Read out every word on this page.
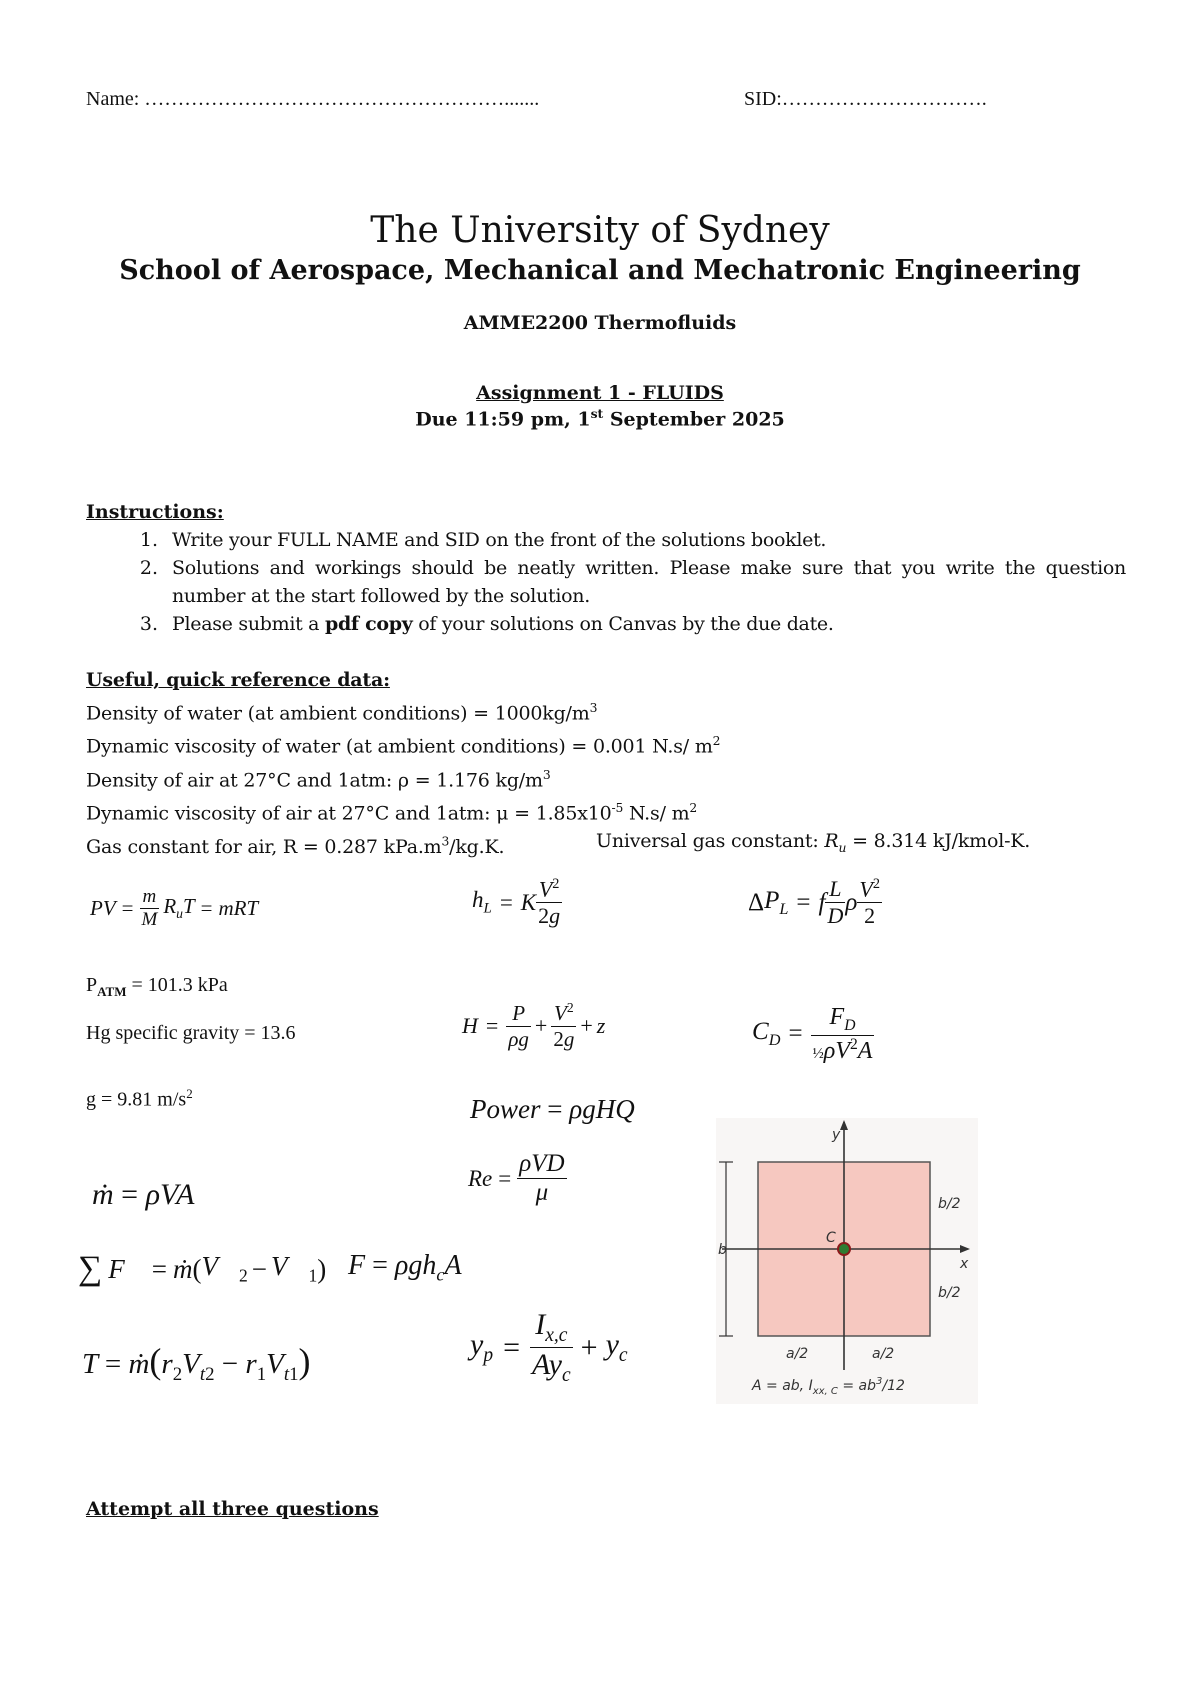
Name: ……………………………………………….......	SID:………………………….
The University of Sydney
School of Aerospace, Mechanical and Mechatronic Engineering
AMME2200 Thermofluids
Assignment 1 - FLUIDS
Due 11:59 pm, 1st September 2025
Instructions:
1. Write your FULL NAME and SID on the front of the solutions booklet.
2. Solutions and workings should be neatly written. Please make sure that you write the question number at the start followed by the solution.
3. Please submit a pdf copy of your solutions on Canvas by the due date.
Useful, quick reference data:
Density of water (at ambient conditions) = $1000kg/m^3$
Dynamic viscosity of water (at ambient conditions) = 0.001 N.s/ $m^2$
Density of air at 27°C and 1atm: ρ = 1.176 $kg/m^3$
Dynamic viscosity of air at 27°C and 1atm: $\mu = 1.85x10^{-5}$ N.s/ $m^2$
Gas constant for air, R = 0.287 $kPa.m^3/kg.K$.	Universal gas constant: $R_u = 8.314$ kJ/kmol-K.
PV = $\frac{m}{M} R_uT$ = mRT	$h_L = K \frac{V^2}{2g}$	Δ $P_L = f \frac{L}{D}$ ρ $\frac{V^2}{2}$
$P_{ATM} = 101.3$ kPa
Hg specific gravity = 13.6
g = 9.81 $m/s^2$
$H = \frac{P}{\rho g} + \frac{V^2}{2g} + z$	$C_D = \frac{F_D}{\frac{1}{2}\rho V^2A}$
Power = ρgHQ
ṁ = ρVA	$Re = \frac{\text{ρVD}}{\mu}$
∑ F⃗ = ṁ ( $V⃗_2$ − $V⃗_1$ ) F = ρgh$_c$A
$T = ṁ(r_2V_{t2} - r_1V_{t1})$	$y_p = \frac{I_{x,c}}{Ay_c} + y_c$
y
x
C
b
b/2
b/2
a/2	a/2
A = ab, $I_{xx, C} = ab^3/12$
Attempt all three questions
